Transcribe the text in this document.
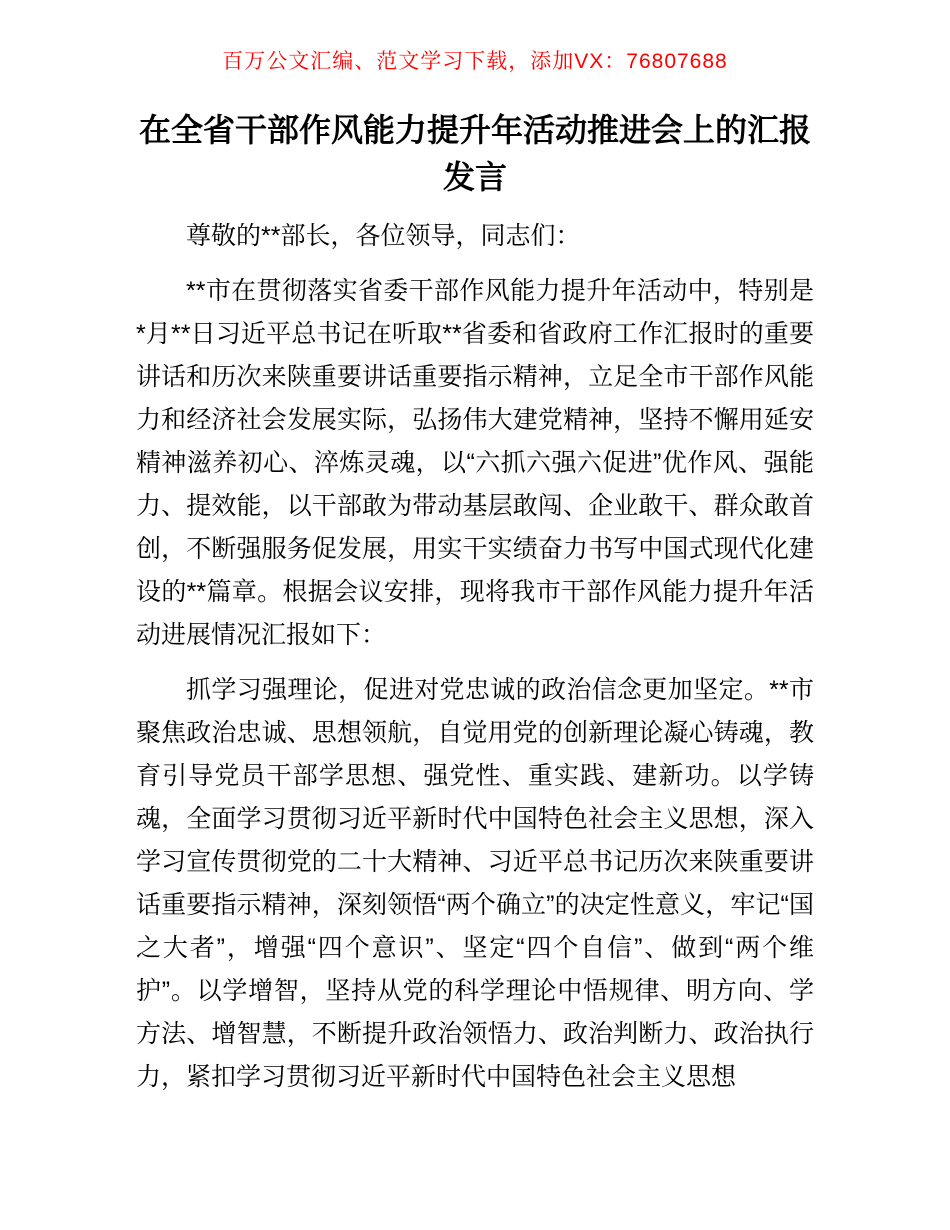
百万公文汇编、范文学习下载，添加VX：76807688
在全省干部作风能力提升年活动推进会上的汇报发言

尊敬的**部长，各位领导，同志们：

**市在贯彻落实省委干部作风能力提升年活动中，特别是*月**日习近平总书记在听取**省委和省政府工作汇报时的重要讲话和历次来陕重要讲话重要指示精神，立足全市干部作风能力和经济社会发展实际，弘扬伟大建党精神，坚持不懈用延安精神滋养初心、淬炼灵魂，以“六抓六强六促进”优作风、强能力、提效能，以干部敢为带动基层敢闯、企业敢干、群众敢首创，不断强服务促发展，用实干实绩奋力书写中国式现代化建设的**篇章。根据会议安排，现将我市干部作风能力提升年活动进展情况汇报如下：

抓学习强理论，促进对党忠诚的政治信念更加坚定。**市聚焦政治忠诚、思想领航，自觉用党的创新理论凝心铸魂，教育引导党员干部学思想、强党性、重实践、建新功。以学铸魂，全面学习贯彻习近平新时代中国特色社会主义思想，深入学习宣传贯彻党的二十大精神、习近平总书记历次来陕重要讲话重要指示精神，深刻领悟“两个确立”的决定性意义，牢记“国之大者”，增强“四个意识”、坚定“四个自信”、做到“两个维护”。以学增智，坚持从党的科学理论中悟规律、明方向、学方法、增智慧，不断提升政治领悟力、政治判断力、政治执行力，紧扣学习贯彻习近平新时代中国特色社会主义思想
